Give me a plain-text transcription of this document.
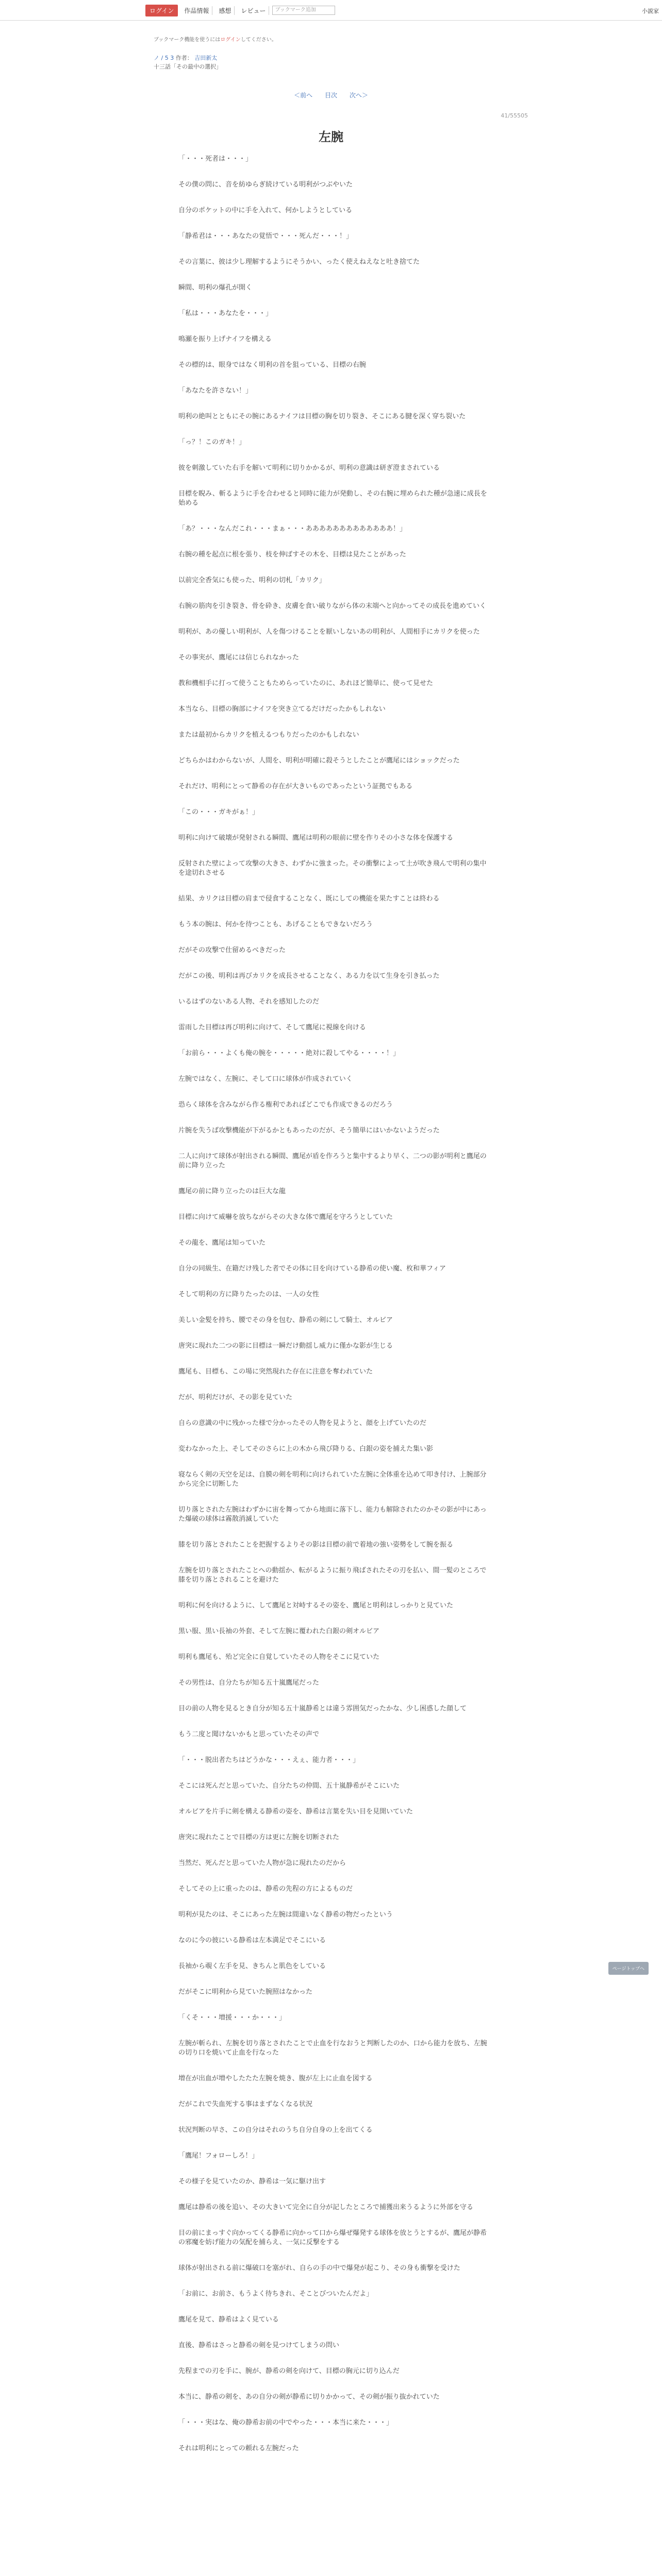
ログイン	作品情報	感想	レビュー	ブックマーク追加	小説家
ブックマーク機能を使うにはログインしてください。
ノ / 5 3 作者： 吉田新太
十三話「その最中の選択」
＜前へ 目次 次へ＞
41/55505
左腕

「・・・死者は・・・」

その僕の問に、音を紡ゆらぎ続けている明利がつぶやいた

自分のポケットの中に手を入れて、何かしようとしている

「静希君は・・・あなたの覚悟で・・・死んだ・・・！」

その言葉に、彼は少し理解するようにそうかい、ったく使えねえなと吐き捨てた

瞬間、明利の爆孔が開く

「私は・・・あなたを・・・」

鳴瀬を振り上げナイフを構える

その標的は、眼身ではなく明利の首を狙っている、目標の右腕

「あなたを許さない！」

明利の絶叫とともにその腕にあるナイフは目標の胸を切り裂き、そこにある腱を深く穿ち裂いた

「っ？！このガキ！」

彼を刺激していた右手を解いて明利に切りかかるが、明利の意識は研ぎ澄まされている

目標を睨み、斬るように手を合わせると同時に能力が発動し、その右腕に埋められた種が急速に成長を始める

「あ？・・・なんだこれ・・・まぁ・・・あああああああああああああ！」

右腕の種を起点に根を張り、枝を伸ばすその木を、目標は見たことがあった

以前完全香気にも使った、明利の切札「カリク」

右腕の筋肉を引き裂き、骨を砕き、皮膚を食い破りながら体の末端へと向かってその成長を進めていく

明利が、あの優しい明利が、人を傷つけることを厭いしないあの明利が、人間相手にカリクを使った

その事実が、鷹尾には信じられなかった

教和機相手に打って使うこともためらっていたのに、あれほど簡単に、使って見せた

本当なら、目標の胸部にナイフを突き立てるだけだったかもしれない

または最初からカリクを植えるつもりだったのかもしれない

どちらかはわからないが、人間を、明利が明確に殺そうとしたことが鷹尾にはショックだった

それだけ、明利にとって静希の存在が大きいものであったという証拠でもある

「この・・・ガキがぁ！」

明利に向けて破壊が発射される瞬間、鷹尾は明利の眼前に壁を作りその小さな体を保護する

反射された壁によって攻撃の大きさ、わずかに強まった。その衝撃によって土が吹き飛んで明利の集中を途切れさせる

結果、カリクは目標の肩まで侵食することなく、既にしての機能を果たすことは終わる

もう本の腕は、何かを待つことも、あげることもできないだろう

だがその攻撃で仕留めるべきだった

だがこの後、明利は再びカリクを成長させることなく、ある力を以て生身を引き払った

いるはずのないある人物、それを感知したのだ

雷雨した目標は再び明利に向けて、そして鷹尾に視線を向ける

「お前ら・・・よくも俺の腕を・・・・・絶対に殺してやる・・・・！」

左腕ではなく、左腕に、そして口に球体が作成されていく

恐らく球体を含みながら作る権利であればどこでも作成できるのだろう

片腕を失うば攻撃機能が下がるかともあったのだが、そう簡単にはいかないようだった

二人に向けて球体が射出される瞬間、鷹尾が盾を作ろうと集中するより早く、二つの影が明利と鷹尾の前に降り立った

鷹尾の前に降り立ったのは巨大な龍

目標に向けて威嚇を放ちながらその大きな体で鷹尾を守ろうとしていた

その龍を、鷹尾は知っていた

自分の同級生、在籍だけ残した者でその体に目を向けている静希の使い魔、枚和華フィア

そして明利の方に降りたったのは、一人の女性

美しい金髪を持ち、腰でその身を包む、静希の剣にして騎士、オルビア

唐突に現れた二つの影に目標は一瞬だけ動揺し威力に僅かな影が生じる

鷹尾も、目標も、この場に突然現れた存在に注意を奪われていた

だが、明利だけが、その影を見ていた

自らの意識の中に残かった様で分かったその人物を見ようと、顔を上げていたのだ

変わなかった上、そしてそのさらに上の木から飛び降りる、白銀の姿を捕えた集い影

寝ならく剣の天空を足は、自膜の剣を明利に向けられていた左腕に全体重を込めて叩き付け、上腕部分から完全に切断した

切り落とされた左腕はわずかに宙を舞ってから地面に落下し、能力も解除されたのかその影が中にあった爆破の球体は霧散消滅していた

膝を切り落とされたことを把握するよりその影は目標の前で着地の強い姿勢をして腕を振る

左腕を切り落とされたことへの動揺か、転がるように振り飛ばされたその刃を払い、間一髪のところで膝を切り落とされることを避けた

明利に何を向けるように、して鷹尾と対峙するその姿を、鷹尾と明利はしっかりと見ていた

黒い服、黒い長袖の外套、そして左腕に覆われた白銀の剣オルビア

明利も鷹尾も、殆ど完全に自覚していたその人物をそこに見ていた

その男性は、自分たちが知る五十嵐鷹尾だった

目の前の人物を見るとき自分が知る五十嵐静希とは違う雰囲気だったかな、少し困惑した顔して

もう二度と聞けないかもと思っていたその声で

「・・・脱出者たちはどうかな・・・えぇ、能力者・・・」

そこには死んだと思っていた、自分たちの仲間、五十嵐静希がそこにいた

オルビアを片手に剣を構える静希の姿を、静希は言葉を失い目を見開いていた

唐突に現れたことで目標の方は更に左腕を切断された

当然だ、死んだと思っていた人物が急に現れたのだから

そしてその上に重ったのは、静希の先程の方によるものだ

明利が見たのは、そこにあった左腕は間違いなく静希の物だったという

なのに今の彼にいる静希は左本満足でそこにいる

長袖から覗く左手を見、きちんと肌色をしている

だがそこに明利から見ていた腕照はなかった

「くそ・・・増援・・・か・・・」

左腕が斬られ、左腕を切り落とされたことで止血を行なおうと判断したのか、口から能力を放ち、左腕の切り口を焼いて止血を行なった

増在が出血が増やしたたた左腕を焼き、腹が左上に止血を図する

だがこれで失血死する事はまずなくなる状況

状況判断の早さ、この自分はそれのうち自分自身の上を出てくる

「鷹尾！フォローしろ！」

その様子を見ていたのか、静希は一気に駆け出す

鷹尾は静希の後を追い、その大きいて完全に自分が記したところで捕獲出来うるように外部を守る

目の前にまっすぐ向かってくる静希に向かって口から爆ぜ爆発する球体を放とうとするが、鷹尾が静希の邪魔を妨げ能力の気配を捕らえ、一気に反撃をする

球体が射出される前に爆破口を塞がれ、自らの手の中で爆発が起こり、その身も衝撃を受けた

「お前に、お前さ、もうよく待ちきれ、そことびついたんだよ」

鷹尾を見て、静希はよく見ている

直後、静希はさっと静希の剣を見つけてしまうの問い

先程までの刃を手に、腕が、静希の剣を向けて、目標の胸元に切り込んだ

本当に、静希の剣を、あの自分の剣が静希に切りかかって、その剣が振り抜かれていた

「・・・実はな、俺の静希お前の中でやった・・・本当に来た・・・」

それは明利にとっての頼れる左腕だった

ページトップへ
